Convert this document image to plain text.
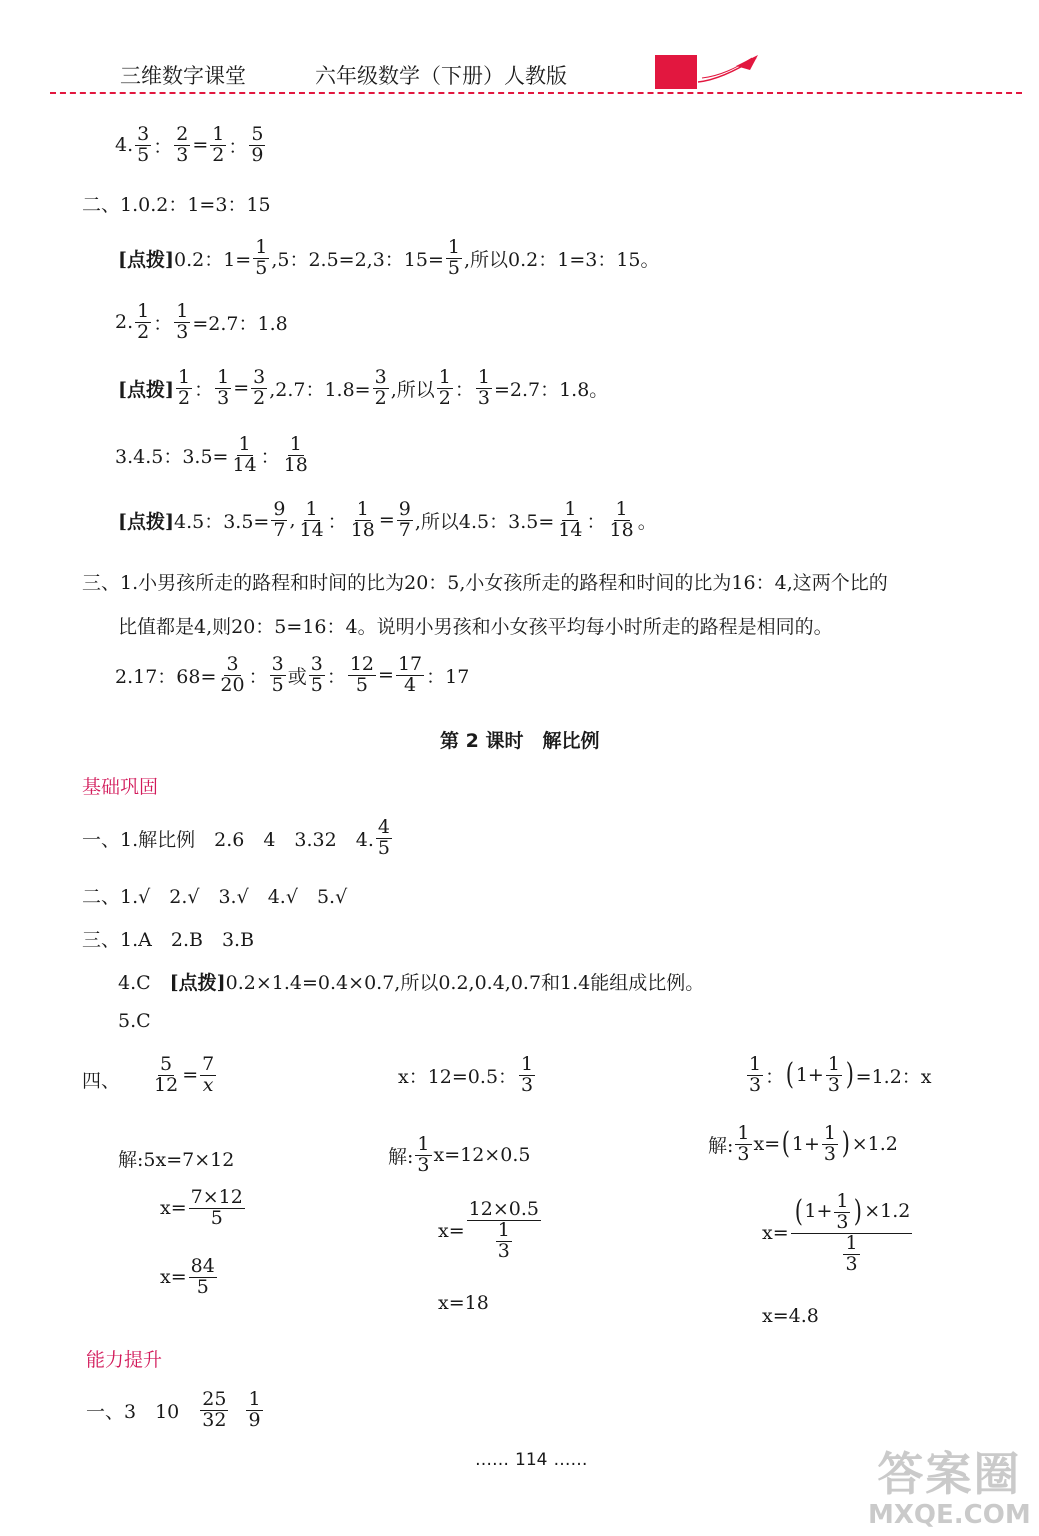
三维数字课堂	六年级数学（下册）人教版
4. $\frac{3}{5}$ ： $\frac{2}{3} = \frac{1}{2}$ ： $\frac{5}{9}$
二、1.0.2：1=3：15
[点拨] 0.2：$1= \frac{1}{5} ,5$：2.5=2,3：$15= \frac{1}{5}$ ,所以0.2：1=3：15。
2. $\frac{1}{2}$ ： $\frac{1}{3} =2.7$：1.8
[点拨] $\frac{1}{2}$ ： $\frac{1}{3} = \frac{3}{2} ,2.7$：$1.8= \frac{3}{2}$ ,所以 $\frac{1}{2}$ ： $\frac{1}{3} =2.7$：1.8。
3.4.5：$3.5= \frac{1}{14}$ ： $\frac{1}{18}$
[点拨] 4.5：$3.5= \frac{9}{7}$ , $\frac{1}{14}$ ： $\frac{1}{18} = \frac{9}{7}$ ,所以4.5：$3.5= \frac{1}{14}$ ： $\frac{1}{18}$ 。
三、1.小男孩所走的路程和时间的比为20：5,小女孩所走的路程和时间的比为16：4,这两个比的
比值都是4,则20：5=16：4。说明小男孩和小女孩平均每小时所走的路程是相同的。
2.17：$68= \frac{3}{20}$ ： $\frac{3}{5}$ 或 $\frac{3}{5}$ ： $\frac{12}{5} = \frac{17}{4}$ ：17
第 2 课时　解比例
基础巩固
一、1.解比例　2.6　4　3.32　4. $\frac{4}{5}$
二、1.√　2.√　3.√　4.√　5.√
三、1.A　2.B　3.B
4.C　 [点拨] 0.2×1.4=0.4×0.7,所以0.2,0.4,0.7和1.4能组成比例。
5.C
四、 $\frac{5}{12} = \frac{7}{x}$
解:5x=7×12
$x= \frac{7\times 12}{5}$
$x= \frac{84}{5}$
x：12=0.5： $\frac{1}{3}$
解: $\frac{1}{3} x=12\times 0.5$
$x= \frac{12\times 0.5}{\frac{1}{3}}$
x=18
$\frac{1}{3}$ ： ( $1+ \frac{1}{3}$ ) =1.2：x
解: $\frac{1}{3} x=$ ( $1+ \frac{1}{3}$ ) ×1.2
$x= \frac{( 1+ \frac{1}{3} ) \times 1.2}{\frac{1}{3}}$
x=4.8
能力提升
一、3　10　 $\frac{25}{32} \frac{1}{9}$
…… 114 ……	答案圈
MXQE.COM
